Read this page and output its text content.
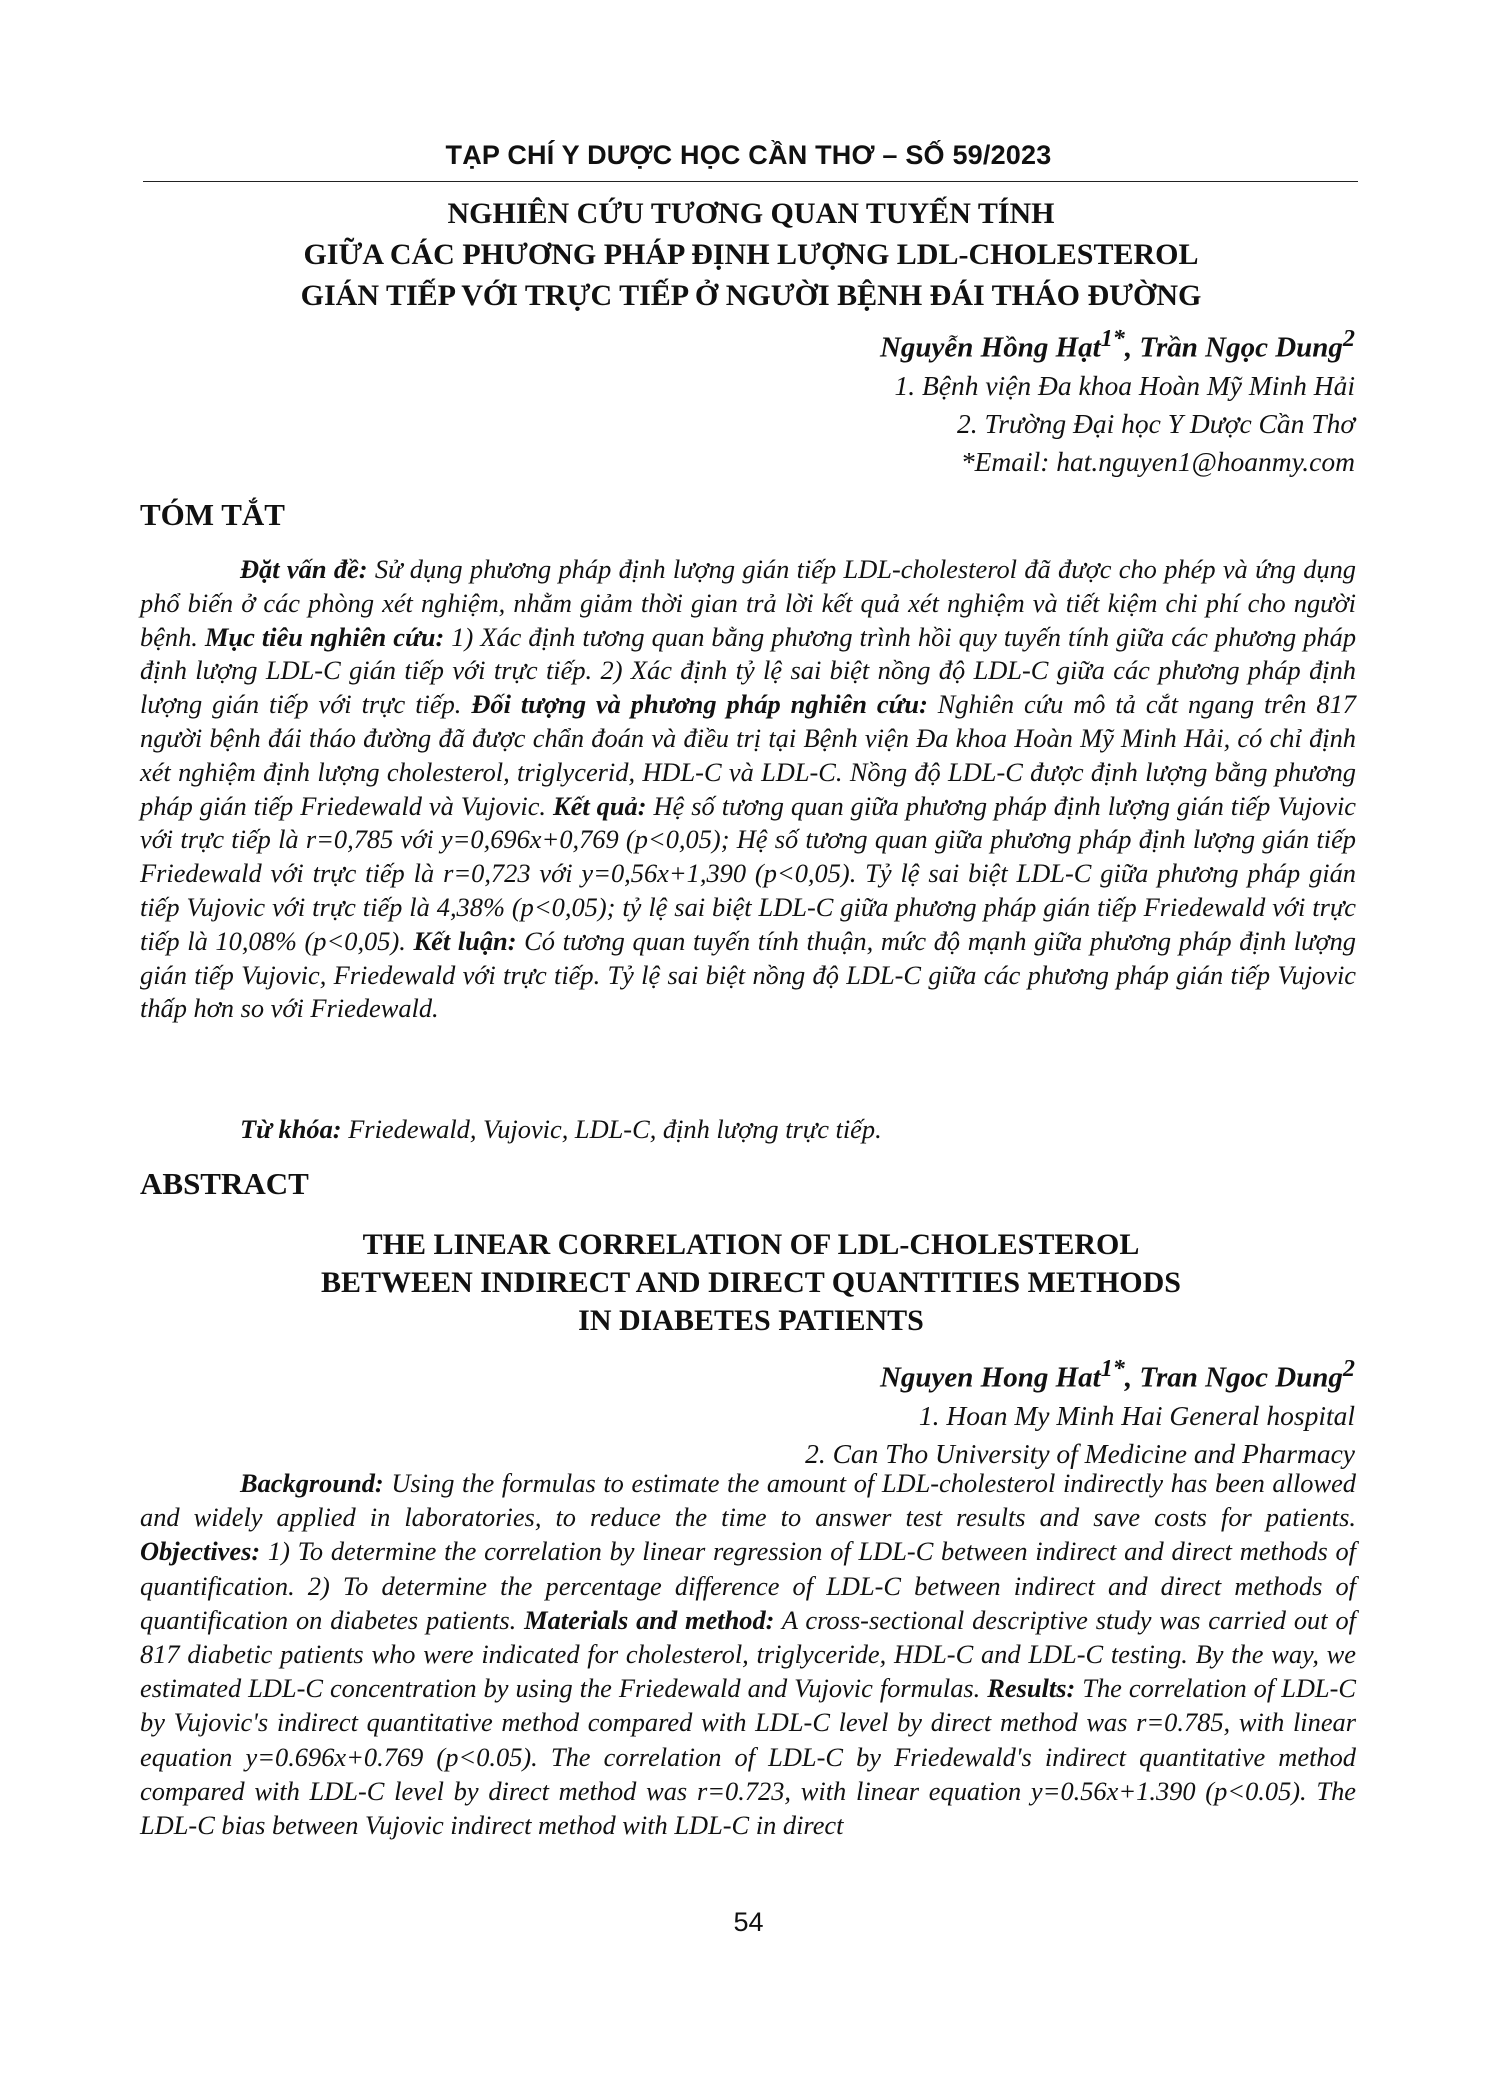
TẠP CHÍ Y DƯỢC HỌC CẦN THƠ – SỐ 59/2023
NGHIÊN CỨU TƯƠNG QUAN TUYẾN TÍNH
GIỮA CÁC PHƯƠNG PHÁP ĐỊNH LƯỢNG LDL-CHOLESTEROL
GIÁN TIẾP VỚI TRỰC TIẾP Ở NGƯỜI BỆNH ĐÁI THÁO ĐƯỜNG
Nguyễn Hồng Hạt$^{1*}$, Trần Ngọc Dung$^2$
1. Bệnh viện Đa khoa Hoàn Mỹ Minh Hải
2. Trường Đại học Y Dược Cần Thơ
*Email: hat.nguyen1@hoanmy.com
TÓM TẮT

Đặt vấn đề: Sử dụng phương pháp định lượng gián tiếp LDL-cholesterol đã được cho phép và ứng dụng phổ biến ở các phòng xét nghiệm, nhằm giảm thời gian trả lời kết quả xét nghiệm và tiết kiệm chi phí cho người bệnh. Mục tiêu nghiên cứu: 1) Xác định tương quan bằng phương trình hồi quy tuyến tính giữa các phương pháp định lượng LDL-C gián tiếp với trực tiếp. 2) Xác định tỷ lệ sai biệt nồng độ LDL-C giữa các phương pháp định lượng gián tiếp với trực tiếp. Đối tượng và phương pháp nghiên cứu: Nghiên cứu mô tả cắt ngang trên 817 người bệnh đái tháo đường đã được chẩn đoán và điều trị tại Bệnh viện Đa khoa Hoàn Mỹ Minh Hải, có chỉ định xét nghiệm định lượng cholesterol, triglycerid, HDL-C và LDL-C. Nồng độ LDL-C được định lượng bằng phương pháp gián tiếp Friedewald và Vujovic. Kết quả: Hệ số tương quan giữa phương pháp định lượng gián tiếp Vujovic với trực tiếp là r=0,785 với y=0,696x+0,769 (p<0,05); Hệ số tương quan giữa phương pháp định lượng gián tiếp Friedewald với trực tiếp là r=0,723 với y=0,56x+1,390 (p<0,05). Tỷ lệ sai biệt LDL-C giữa phương pháp gián tiếp Vujovic với trực tiếp là 4,38% (p<0,05); tỷ lệ sai biệt LDL-C giữa phương pháp gián tiếp Friedewald với trực tiếp là 10,08% (p<0,05). Kết luận: Có tương quan tuyến tính thuận, mức độ mạnh giữa phương pháp định lượng gián tiếp Vujovic, Friedewald với trực tiếp. Tỷ lệ sai biệt nồng độ LDL-C giữa các phương pháp gián tiếp Vujovic thấp hơn so với Friedewald.

Từ khóa: Friedewald, Vujovic, LDL-C, định lượng trực tiếp.

ABSTRACT
THE LINEAR CORRELATION OF LDL-CHOLESTEROL
BETWEEN INDIRECT AND DIRECT QUANTITIES METHODS
IN DIABETES PATIENTS
Nguyen Hong Hat$^{1*}$, Tran Ngoc Dung$^2$
1. Hoan My Minh Hai General hospital
2. Can Tho University of Medicine and Pharmacy

Background: Using the formulas to estimate the amount of LDL-cholesterol indirectly has been allowed and widely applied in laboratories, to reduce the time to answer test results and save costs for patients. Objectives: 1) To determine the correlation by linear regression of LDL-C between indirect and direct methods of quantification. 2) To determine the percentage difference of LDL-C between indirect and direct methods of quantification on diabetes patients. Materials and method: A cross-sectional descriptive study was carried out of 817 diabetic patients who were indicated for cholesterol, triglyceride, HDL-C and LDL-C testing. By the way, we estimated LDL-C concentration by using the Friedewald and Vujovic formulas. Results: The correlation of LDL-C by Vujovic's indirect quantitative method compared with LDL-C level by direct method was r=0.785, with linear equation y=0.696x+0.769 (p<0.05). The correlation of LDL-C by Friedewald's indirect quantitative method compared with LDL-C level by direct method was r=0.723, with linear equation y=0.56x+1.390 (p<0.05). The LDL-C bias between Vujovic indirect method with LDL-C in direct

54
